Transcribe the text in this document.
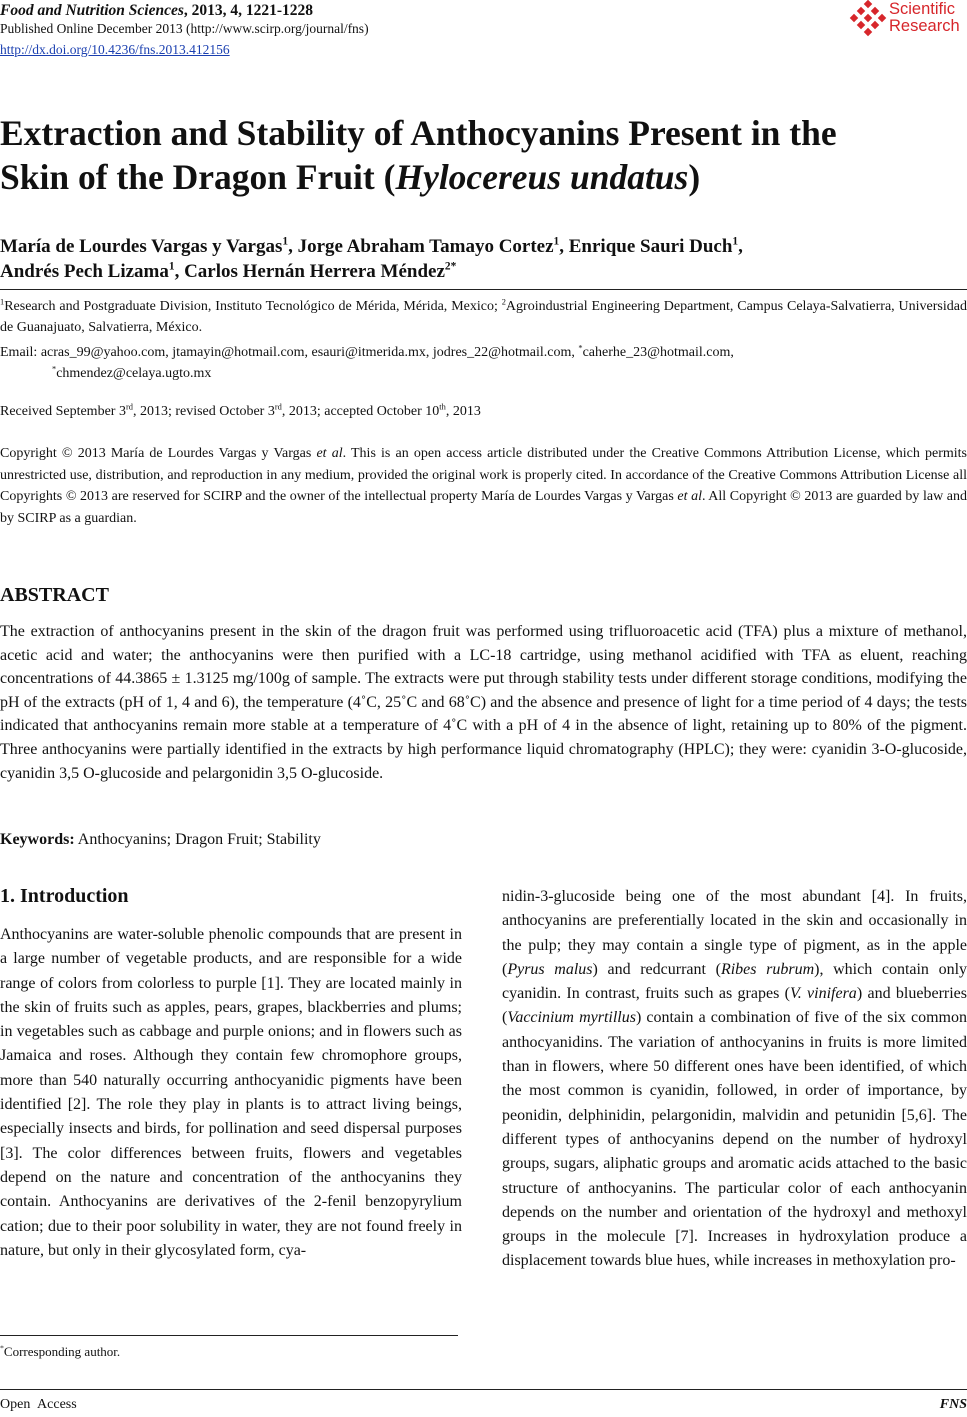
Food and Nutrition Sciences, 2013, 4, 1221-1228
Published Online December 2013 (http://www.scirp.org/journal/fns)
http://dx.doi.org/10.4236/fns.2013.412156
Scientific
Research
Extraction and Stability of Anthocyanins Present in the
Skin of the Dragon Fruit (Hylocereus undatus)
María de Lourdes Vargas y Vargas$^1$, Jorge Abraham Tamayo Cortez$^1$, Enrique Sauri Duch$^1$,
Andrés Pech Lizama$^1$, Carlos Hernán Herrera Méndez$^{2*}$
$^1$Research and Postgraduate Division, Instituto Tecnológico de Mérida, Mérida, Mexico; $^2$Agroindustrial Engineering Department, Campus Celaya-Salvatierra, Universidad de Guanajuato, Salvatierra, México.
Email: acras_99@yahoo.com, jtamayin@hotmail.com, esauri@itmerida.mx, jodres_22@hotmail.com, *caherhe_23@hotmail.com,
*chmendez@celaya.ugto.mx
Received September 3rd, 2013; revised October 3rd, 2013; accepted October 10th, 2013
Copyright © 2013 María de Lourdes Vargas y Vargas et al. This is an open access article distributed under the Creative Commons Attribution License, which permits unrestricted use, distribution, and reproduction in any medium, provided the original work is properly cited. In accordance of the Creative Commons Attribution License all Copyrights © 2013 are reserved for SCIRP and the owner of the intellectual property María de Lourdes Vargas y Vargas et al. All Copyright © 2013 are guarded by law and by SCIRP as a guardian.
ABSTRACT
The extraction of anthocyanins present in the skin of the dragon fruit was performed using trifluoroacetic acid (TFA) plus a mixture of methanol, acetic acid and water; the anthocyanins were then purified with a LC-18 cartridge, using methanol acidified with TFA as eluent, reaching concentrations of 44.3865 ± 1.3125 mg/100g of sample. The extracts were put through stability tests under different storage conditions, modifying the pH of the extracts (pH of 1, 4 and 6), the temperature (4˚C, 25˚C and 68˚C) and the absence and presence of light for a time period of 4 days; the tests indicated that anthocyanins remain more stable at a temperature of 4˚C with a pH of 4 in the absence of light, retaining up to 80% of the pigment. Three anthocyanins were partially identified in the extracts by high performance liquid chromatography (HPLC); they were: cyanidin 3-O-glucoside, cyanidin 3,5 O-glucoside and pelargonidin 3,5 O-glucoside.
Keywords: Anthocyanins; Dragon Fruit; Stability
1. Introduction
Anthocyanins are water-soluble phenolic compounds that are present in a large number of vegetable products, and are responsible for a wide range of colors from colorless to purple [1]. They are located mainly in the skin of fruits such as apples, pears, grapes, blackberries and plums; in vegetables such as cabbage and purple onions; and in flowers such as Jamaica and roses. Although they contain few chromophore groups, more than 540 naturally occurring anthocyanidic pigments have been identified [2]. The role they play in plants is to attract living beings, especially insects and birds, for pollination and seed dispersal purposes [3]. The color differences between fruits, flowers and vegetables depend on the nature and concentration of the anthocyanins they contain. Anthocyanins are derivatives of the 2-fenil benzopyrylium cation; due to their poor solubility in water, they are not found freely in nature, but only in their glycosylated form, cya-
nidin-3-glucoside being one of the most abundant [4]. In fruits, anthocyanins are preferentially located in the skin and occasionally in the pulp; they may contain a single type of pigment, as in the apple (Pyrus malus) and redcurrant (Ribes rubrum), which contain only cyanidin. In contrast, fruits such as grapes (V. vinifera) and blueberries (Vaccinium myrtillus) contain a combination of five of the six common anthocyanidins. The variation of anthocyanins in fruits is more limited than in flowers, where 50 different ones have been identified, of which the most common is cyanidin, followed, in order of importance, by peonidin, delphinidin, pelargonidin, malvidin and petunidin [5,6]. The different types of anthocyanins depend on the number of hydroxyl groups, sugars, aliphatic groups and aromatic acids attached to the basic structure of anthocyanins. The particular color of each anthocyanin depends on the number and orientation of the hydroxyl and methoxyl groups in the molecule [7]. Increases in hydroxylation produce a displacement towards blue hues, while increases in methoxylation pro-
*Corresponding author.
Open Access	FNS
